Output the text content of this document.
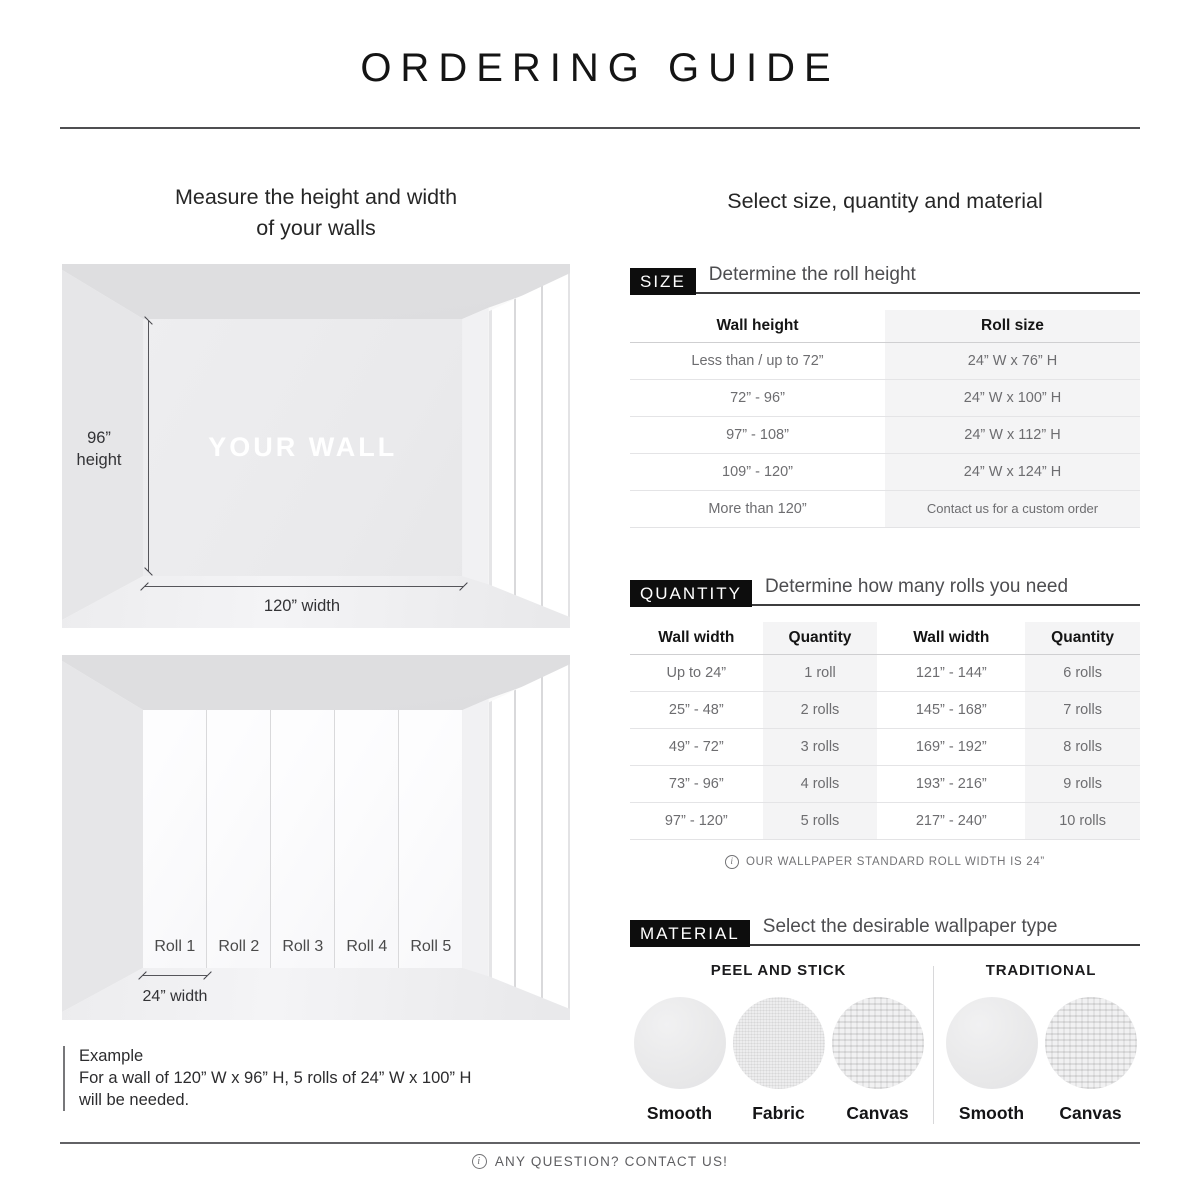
ORDERING GUIDE
Measure the height and width
of your walls
YOUR WALL
96”
height
120” width
Roll 1 Roll 2 Roll 3 Roll 4 Roll 5
24” width
Example
For a wall of 120” W x 96” H, 5 rolls of 24” W x 100” H
will be needed.
Select size, quantity and material
SIZE	Determine the roll height
Wall height	Roll size
Less than / up to 72”	24” W x 76” H
72” - 96”	24” W x 100” H
97” - 108”	24” W x 112” H
109” - 120”	24” W x 124” H
More than 120”	Contact us for a custom order
QUANTITY	Determine how many rolls you need
Wall width	Quantity	Wall width	Quantity
Up to 24”	1 roll	121” - 144”	6 rolls
25” - 48”	2 rolls	145” - 168”	7 rolls
49” - 72”	3 rolls	169” - 192”	8 rolls
73” - 96”	4 rolls	193” - 216”	9 rolls
97” - 120”	5 rolls	217” - 240”	10 rolls
i	OUR WALLPAPER STANDARD ROLL WIDTH IS 24”
MATERIAL	Select the desirable wallpaper type
PEEL AND STICK
Smooth	Fabric	Canvas
TRADITIONAL
Smooth	Canvas
i ANY QUESTION? CONTACT US!
